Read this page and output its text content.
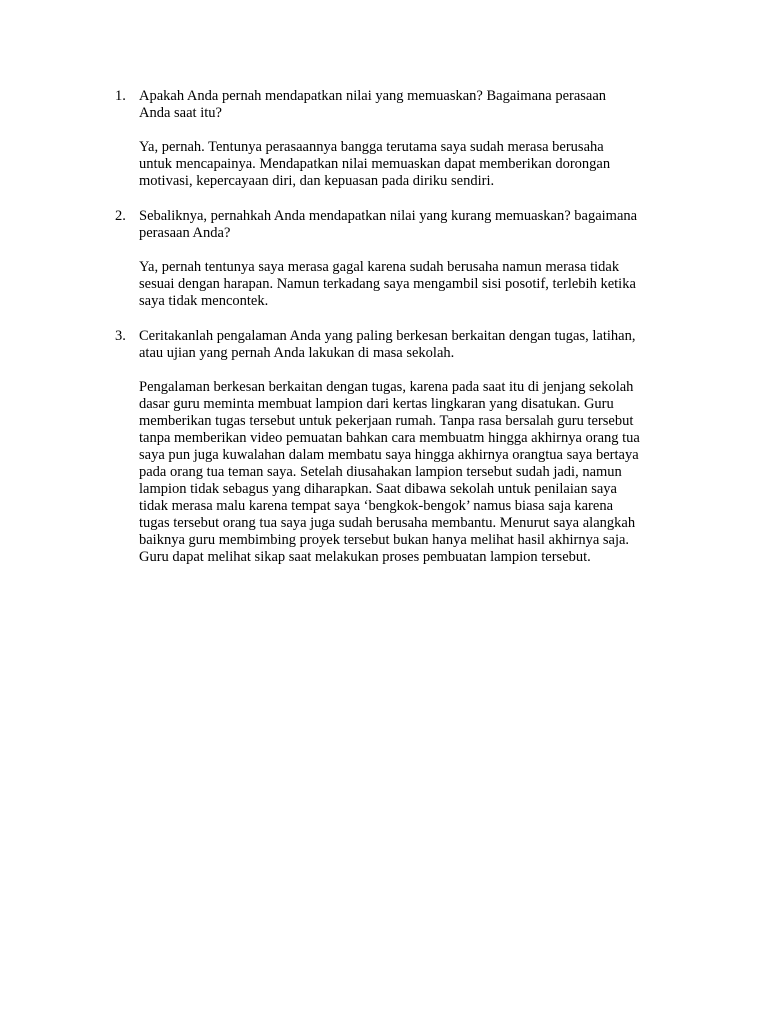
1. Apakah Anda pernah mendapatkan nilai yang memuaskan? Bagaimana perasaan
Anda saat itu?

Ya, pernah. Tentunya perasaannya bangga terutama saya sudah merasa berusaha
untuk mencapainya. Mendapatkan nilai memuaskan dapat memberikan dorongan
motivasi, kepercayaan diri, dan kepuasan pada diriku sendiri.

2. Sebaliknya, pernahkah Anda mendapatkan nilai yang kurang memuaskan? bagaimana
perasaan Anda?

Ya, pernah tentunya saya merasa gagal karena sudah berusaha namun merasa tidak
sesuai dengan harapan. Namun terkadang saya mengambil sisi posotif, terlebih ketika
saya tidak mencontek.

3. Ceritakanlah pengalaman Anda yang paling berkesan berkaitan dengan tugas, latihan,
atau ujian yang pernah Anda lakukan di masa sekolah.

Pengalaman berkesan berkaitan dengan tugas, karena pada saat itu di jenjang sekolah
dasar guru meminta membuat lampion dari kertas lingkaran yang disatukan. Guru
memberikan tugas tersebut untuk pekerjaan rumah. Tanpa rasa bersalah guru tersebut
tanpa memberikan video pemuatan bahkan cara membuatm hingga akhirnya orang tua
saya pun juga kuwalahan dalam membatu saya hingga akhirnya orangtua saya bertaya
pada orang tua teman saya. Setelah diusahakan lampion tersebut sudah jadi, namun
lampion tidak sebagus yang diharapkan. Saat dibawa sekolah untuk penilaian saya
tidak merasa malu karena tempat saya ‘bengkok-bengok’ namus biasa saja karena
tugas tersebut orang tua saya juga sudah berusaha membantu. Menurut saya alangkah
baiknya guru membimbing proyek tersebut bukan hanya melihat hasil akhirnya saja.
Guru dapat melihat sikap saat melakukan proses pembuatan lampion tersebut.
